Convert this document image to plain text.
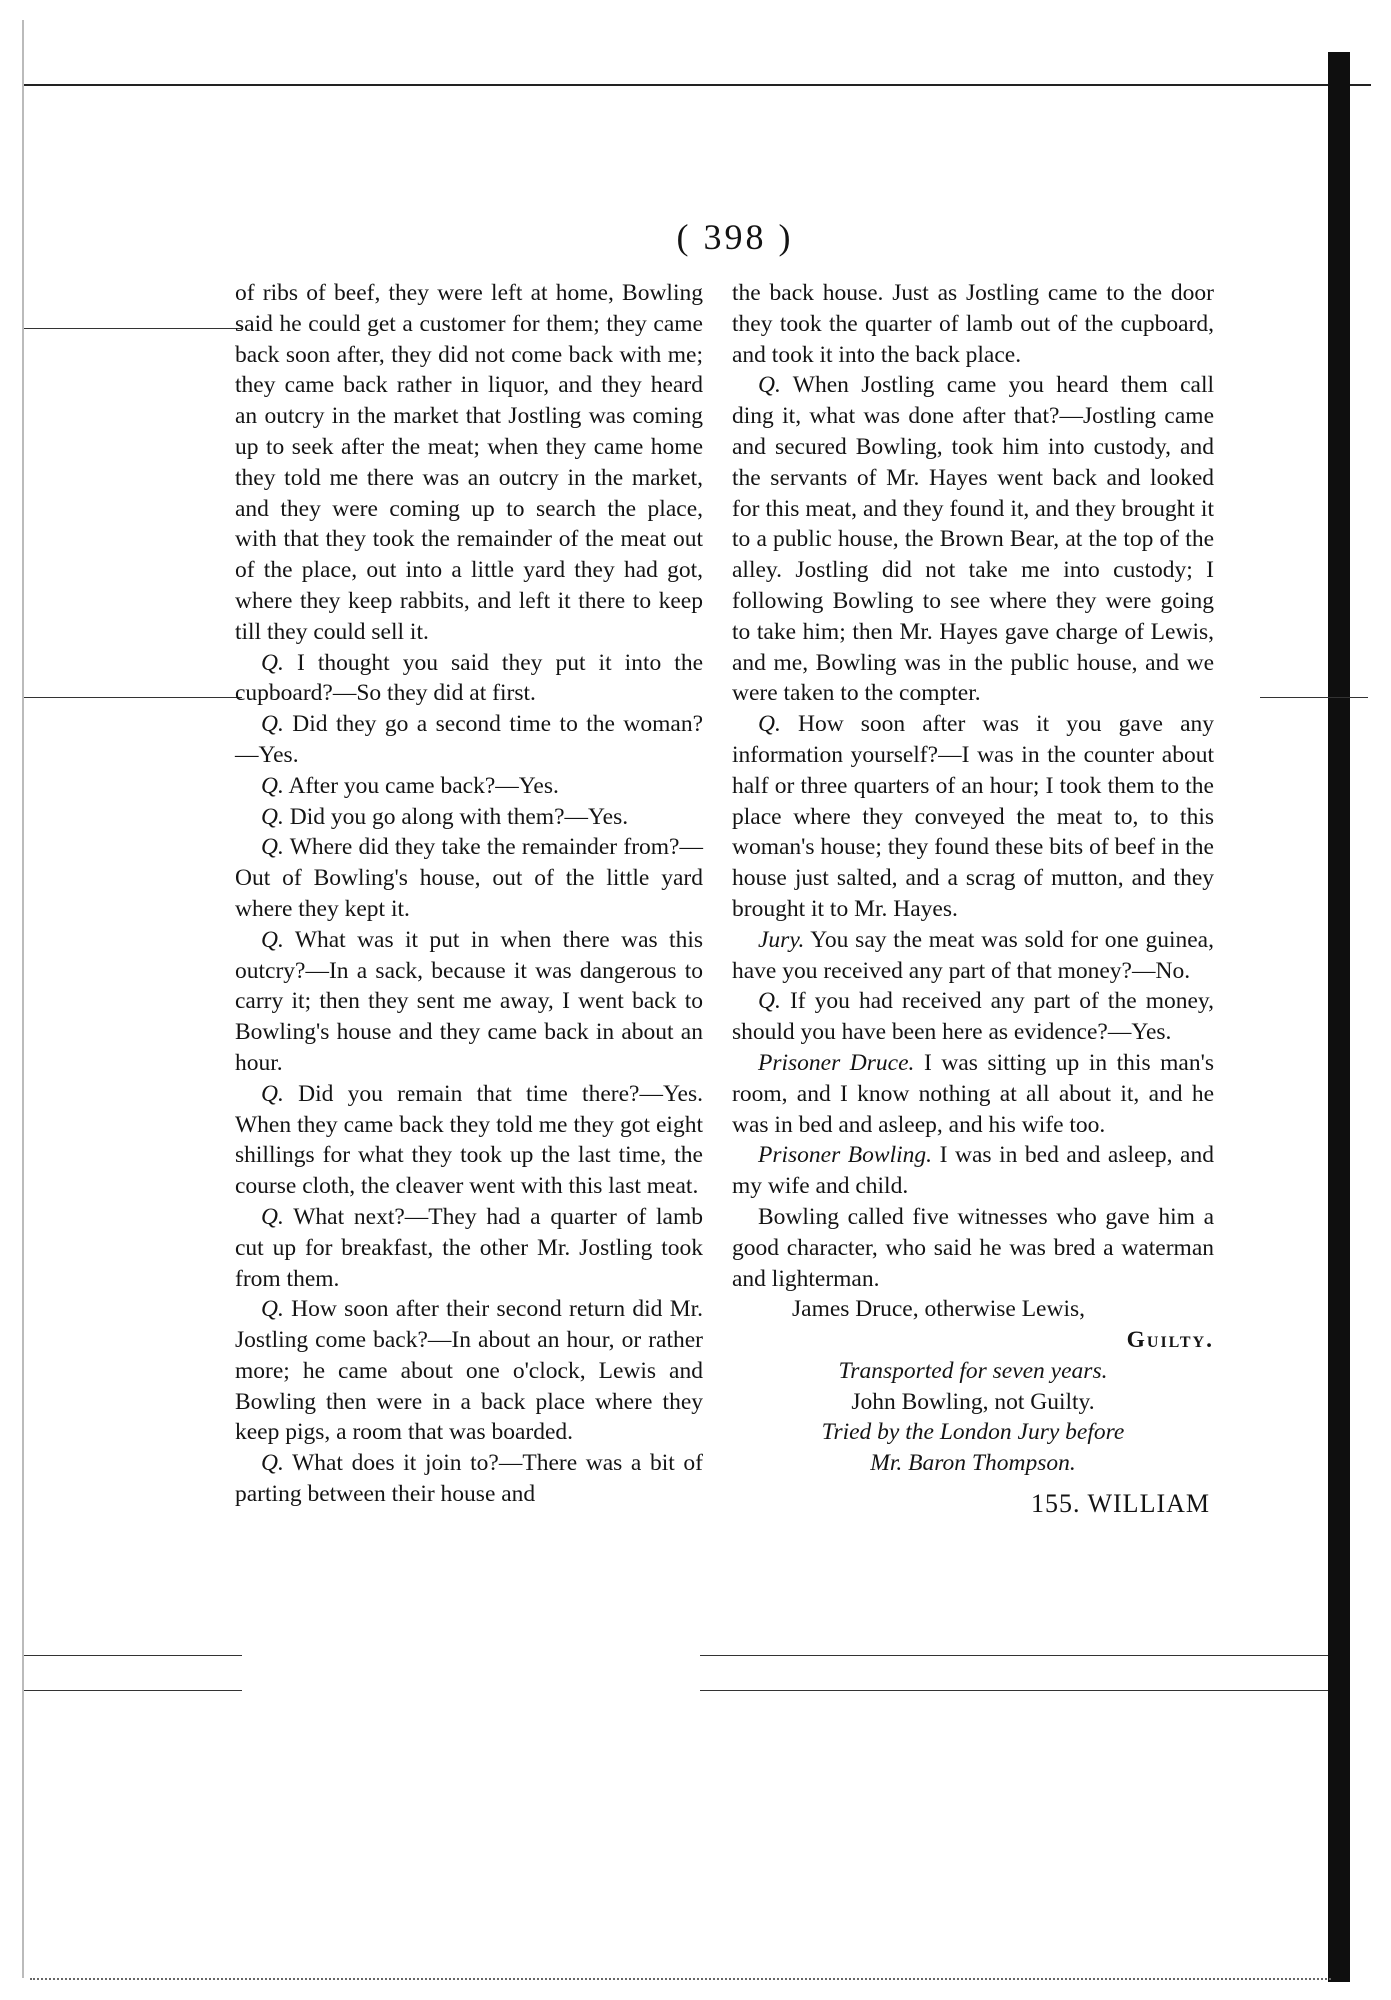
( 398 )

of ribs of beef, they were left at home, Bowling said he could get a customer for them; they came back soon after, they did not come back with me; they came back rather in liquor, and they heard an outcry in the market that Jostling was coming up to seek after the meat; when they came home they told me there was an outcry in the market, and they were coming up to search the place, with that they took the remainder of the meat out of the place, out into a little yard they had got, where they keep rabbits, and left it there to keep till they could sell it.

Q. I thought you said they put it into the cupboard?—So they did at first.

Q. Did they go a second time to the woman?—Yes.

Q. After you came back?—Yes.

Q. Did you go along with them?—Yes.

Q. Where did they take the remainder from?—Out of Bowling's house, out of the little yard where they kept it.

Q. What was it put in when there was this outcry?—In a sack, because it was dangerous to carry it; then they sent me away, I went back to Bowling's house and they came back in about an hour.

Q. Did you remain that time there?—Yes. When they came back they told me they got eight shillings for what they took up the last time, the course cloth, the cleaver went with this last meat.

Q. What next?—They had a quarter of lamb cut up for breakfast, the other Mr. Jostling took from them.

Q. How soon after their second return did Mr. Jostling come back?—In about an hour, or rather more; he came about one o'clock, Lewis and Bowling then were in a back place where they keep pigs, a room that was boarded.

Q. What does it join to?—There was a bit of parting between their house and

the back house. Just as Jostling came to the door they took the quarter of lamb out of the cupboard, and took it into the back place.

Q. When Jostling came you heard them call ding it, what was done after that?—Jostling came and secured Bowling, took him into custody, and the servants of Mr. Hayes went back and looked for this meat, and they found it, and they brought it to a public house, the Brown Bear, at the top of the alley. Jostling did not take me into custody; I following Bowling to see where they were going to take him; then Mr. Hayes gave charge of Lewis, and me, Bowling was in the public house, and we were taken to the compter.

Q. How soon after was it you gave any information yourself?—I was in the counter about half or three quarters of an hour; I took them to the place where they conveyed the meat to, to this woman's house; they found these bits of beef in the house just salted, and a scrag of mutton, and they brought it to Mr. Hayes.

Jury. You say the meat was sold for one guinea, have you received any part of that money?—No.

Q. If you had received any part of the money, should you have been here as evidence?—Yes.

Prisoner Druce. I was sitting up in this man's room, and I know nothing at all about it, and he was in bed and asleep, and his wife too.

Prisoner Bowling. I was in bed and asleep, and my wife and child.

Bowling called five witnesses who gave him a good character, who said he was bred a waterman and lighterman.

James Druce, otherwise Lewis,

Guilty.

Transported for seven years.

John Bowling, not Guilty.

Tried by the London Jury before

Mr. Baron Thompson.

155. WILLIAM
